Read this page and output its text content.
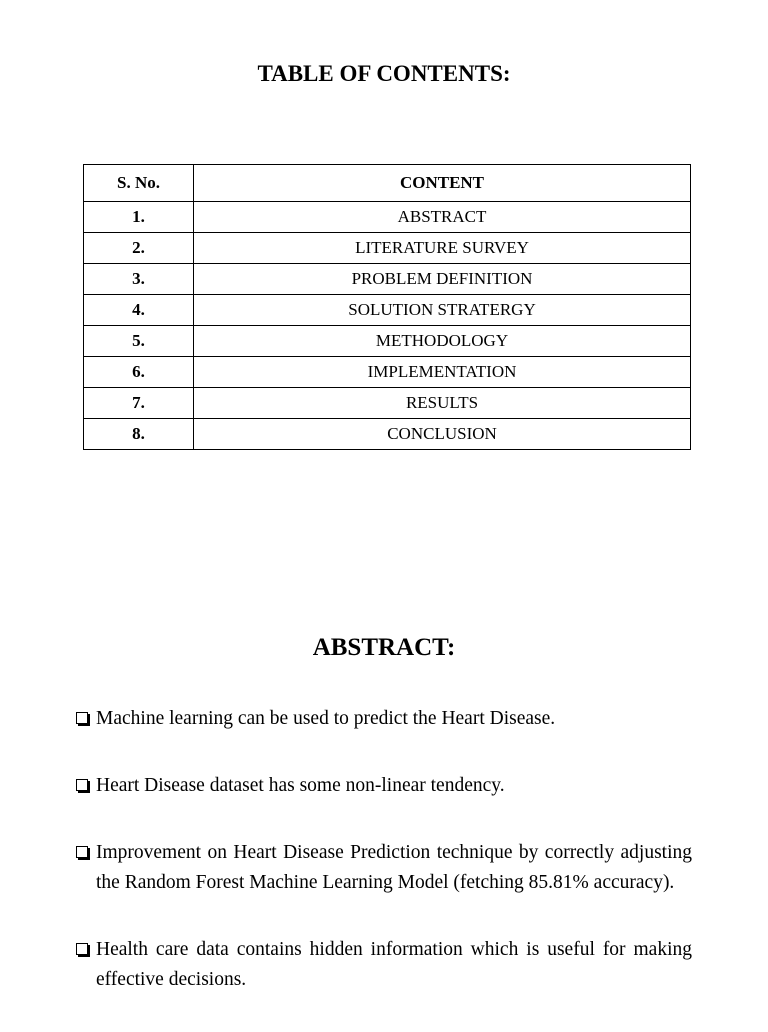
TABLE OF CONTENTS:
S. No.	CONTENT
1.	ABSTRACT
2.	LITERATURE SURVEY
3.	PROBLEM DEFINITION
4.	SOLUTION STRATERGY
5.	METHODOLOGY
6.	IMPLEMENTATION
7.	RESULTS
8.	CONCLUSION
ABSTRACT:
Machine learning can be used to predict the Heart Disease.
Heart Disease dataset has some non-linear tendency.
Improvement on Heart Disease Prediction technique by correctly adjusting the Random Forest Machine Learning Model (fetching 85.81% accuracy).
Health care data contains hidden information which is useful for making effective decisions.
